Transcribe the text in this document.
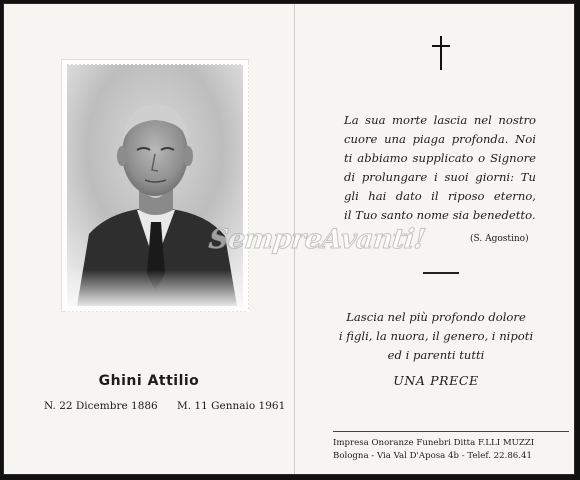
Ghini Attilio
N. 22 Dicembre 1886 M. 11 Gennaio 1961
La sua morte lascia nel nostro
cuore una piaga profonda. Noi
ti abbiamo supplicato o Signore
di prolungare i suoi giorni: Tu
gli hai dato il riposo eterno,
il Tuo santo nome sia benedetto.
(S. Agostino)
Lascia nel più profondo dolore
i figli, la nuora, il genero, i nipoti
ed i parenti tutti
UNA PRECE
Impresa Onoranze Funebri Ditta F.LLI MUZZI
Bologna - Via Val D'Aposa 4b - Telef. 22.86.41
SempreAvanti!
